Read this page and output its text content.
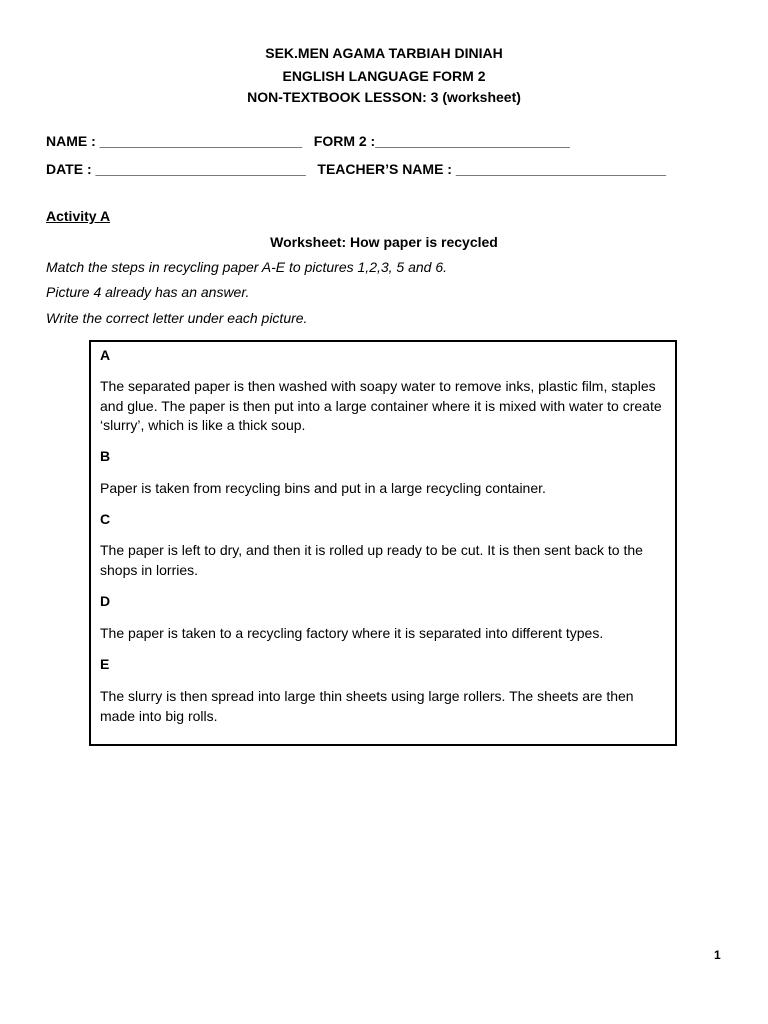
SEK.MEN AGAMA TARBIAH DINIAH
ENGLISH LANGUAGE FORM 2
NON-TEXTBOOK LESSON: 3 (worksheet)
NAME : __________________________   FORM 2 :_________________________
DATE : ___________________________   TEACHER’S NAME : ___________________________
Activity A
Worksheet: How paper is recycled
Match the steps in recycling paper A-E to pictures 1,2,3, 5 and 6.
Picture 4 already has an answer.
Write the correct letter under each picture.
A
The separated paper is then washed with soapy water to remove inks, plastic film, staples and glue. The paper is then put into a large container where it is mixed with water to create ‘slurry’, which is like a thick soup.
B
Paper is taken from recycling bins and put in a large recycling container.
C
The paper is left to dry, and then it is rolled up ready to be cut. It is then sent back to the shops in lorries.
D
The paper is taken to a recycling factory where it is separated into different types.
E
The slurry is then spread into large thin sheets using large rollers. The sheets are then made into big rolls.
1
